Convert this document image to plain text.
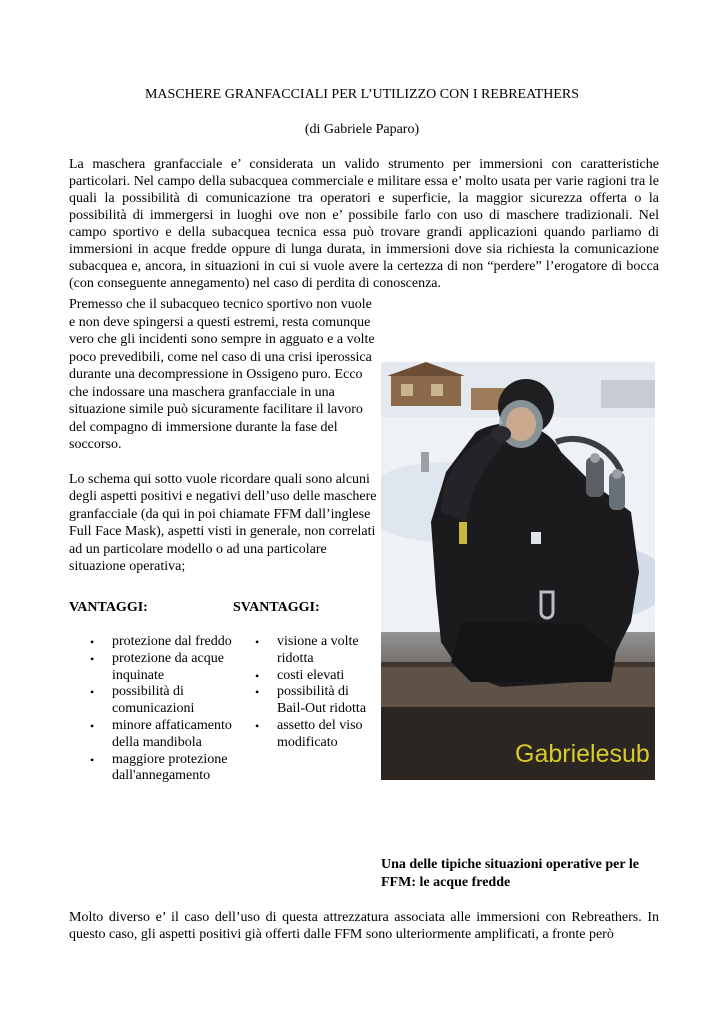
MASCHERE GRANFACCIALI PER L’UTILIZZO CON I REBREATHERS
(di Gabriele Paparo)

La maschera granfacciale e’ considerata un valido strumento per immersioni con caratteristiche particolari. Nel campo della subacquea commerciale e militare essa e’ molto usata per varie ragioni tra le quali la possibilità di comunicazione tra operatori e superficie, la maggior sicurezza offerta o la possibilità di immergersi in luoghi ove non e’ possibile farlo con uso di maschere tradizionali. Nel campo sportivo e della subacquea tecnica essa può trovare grandi applicazioni quando parliamo di immersioni in acque fredde oppure di lunga durata, in immersioni dove sia richiesta la comunicazione subacquea e, ancora, in situazioni in cui si vuole avere la certezza di non “perdere” l’erogatore di bocca (con conseguente annegamento) nel caso di perdita di conoscenza.

Premesso che il subacqueo tecnico sportivo non vuole e non deve spingersi a questi estremi, resta comunque vero che gli incidenti sono sempre in agguato e a volte poco prevedibili, come nel caso di una crisi iperossica durante una decompressione in Ossigeno puro. Ecco che indossare una maschera granfacciale in una situazione simile può sicuramente facilitare il lavoro del compagno di immersione durante la fase del soccorso.

Lo schema qui sotto vuole ricordare quali sono alcuni degli aspetti positivi e negativi dell’uso delle maschere granfacciale (da qui in poi chiamate FFM dall’inglese Full Face Mask), aspetti visti in generale, non correlati ad un particolare modello o ad una particolare situazione operativa;

Gabrielesub
VANTAGGI:	SVANTAGGI:
• protezione dal freddo
• protezione da acque inquinate
• possibilità di comunicazioni
• minore affaticamento della mandibola
• maggiore protezione dall'annegamento
• visione a volte ridotta
• costi elevati
• possibilità di Bail-Out ridotta
• assetto del viso modificato
Una delle tipiche situazioni operative per le FFM: le acque fredde

Molto diverso e’ il caso dell’uso di questa attrezzatura associata alle immersioni con Rebreathers. In questo caso, gli aspetti positivi già offerti dalle FFM sono ulteriormente amplificati, a fronte però
